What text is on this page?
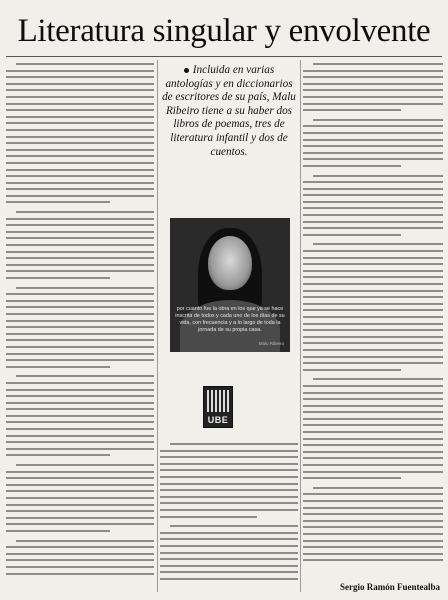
Literatura singular y envolvente
Incluida en varias antologías y en diccionarios de escritores de su país, Malu Ribeiro tiene a su haber dos libros de poemas, tres de literatura infantil y dos de cuentos.
por cuanto fue la obra en los que ya se hace inscrita de todos y cada uno de los días de su vida, con frecuencia y a lo largo de toda la jornada de su propia casa.
Malu Ribeiro
UBE
Sergio Ramón Fuentealba
